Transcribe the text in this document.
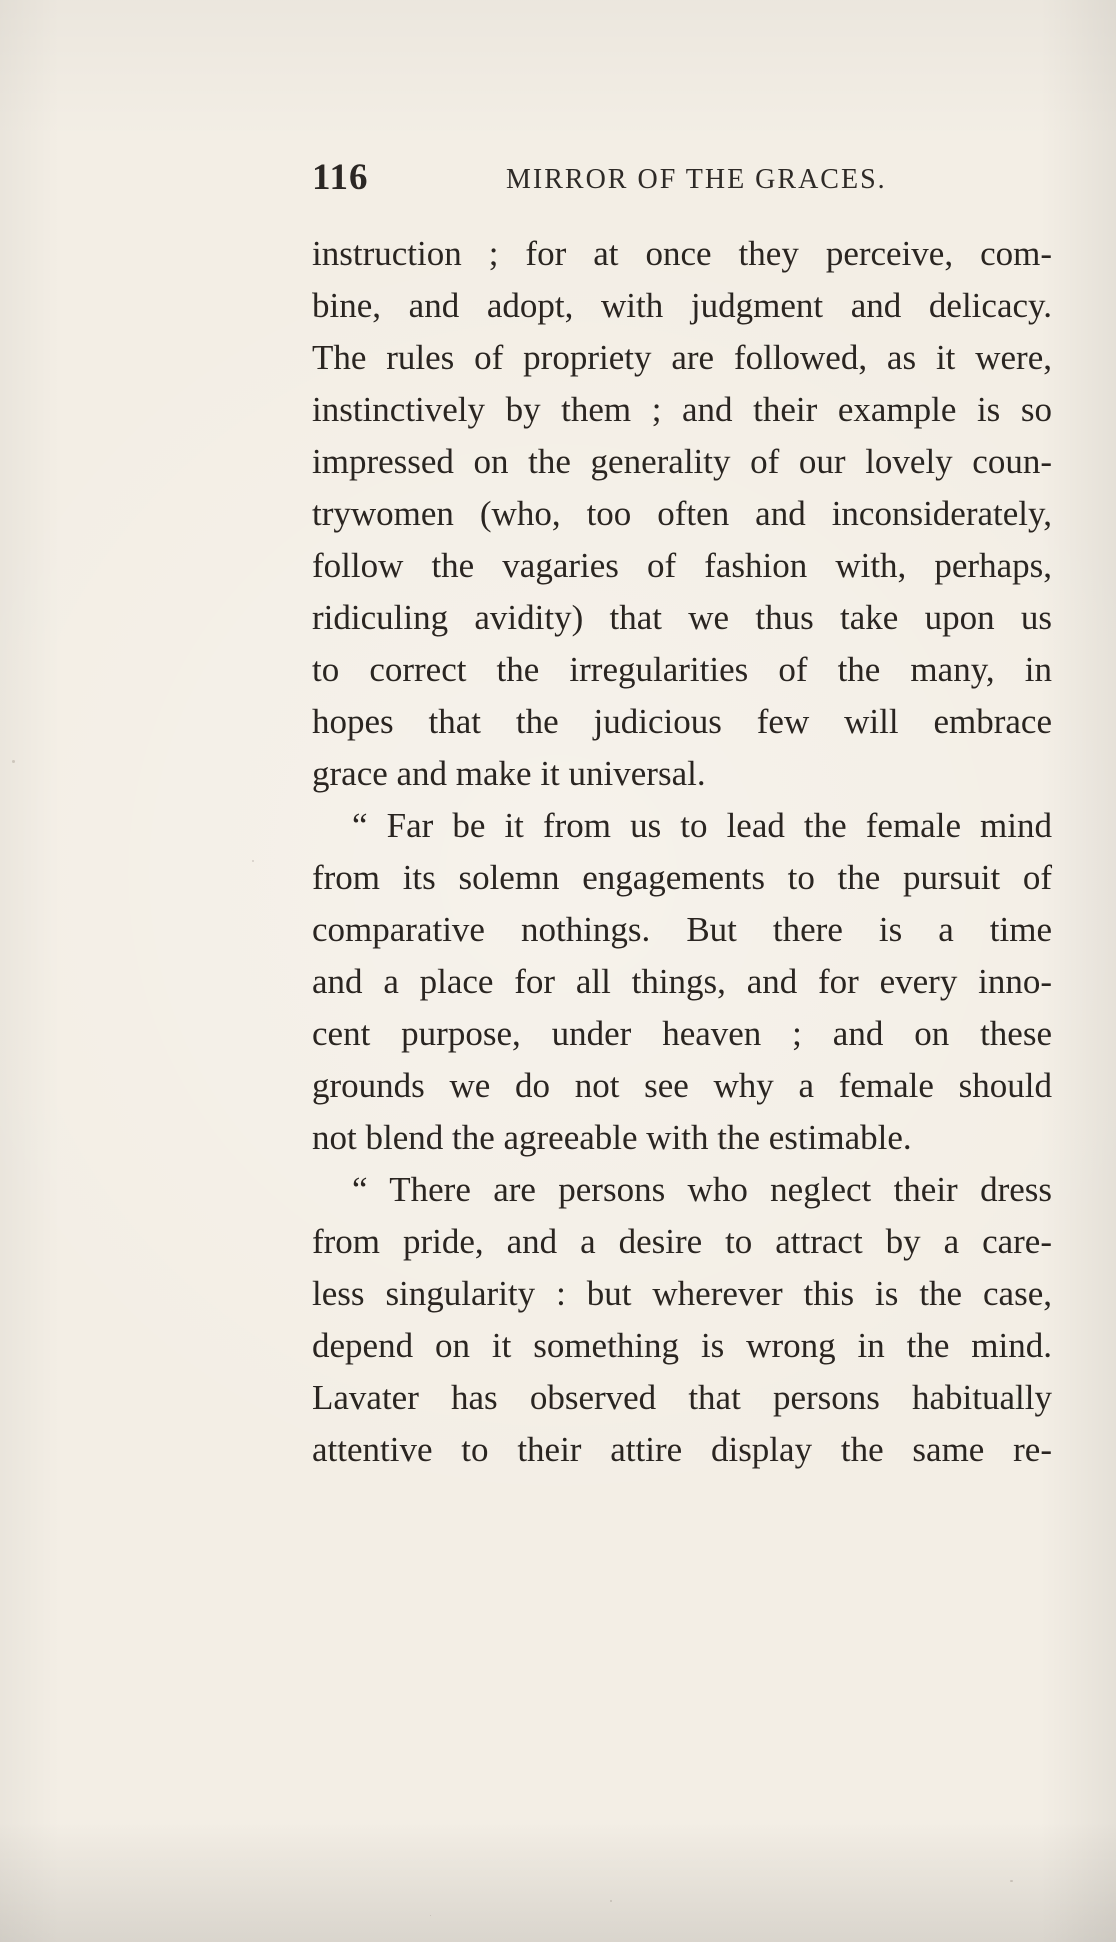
116	MIRROR OF THE GRACES.
instruction ; for at once they perceive, com-
bine, and adopt, with judgment and delicacy.
The rules of propriety are followed, as it were,
instinctively by them ; and their example is so
impressed on the generality of our lovely coun-
trywomen (who, too often and inconsiderately,
follow the vagaries of fashion with, perhaps,
ridiculing avidity) that we thus take upon us
to correct the irregularities of the many, in
hopes that the judicious few will embrace
grace and make it universal.
“ Far be it from us to lead the female mind
from its solemn engagements to the pursuit of
comparative nothings. But there is a time
and a place for all things, and for every inno-
cent purpose, under heaven ; and on these
grounds we do not see why a female should
not blend the agreeable with the estimable.
“ There are persons who neglect their dress
from pride, and a desire to attract by a care-
less singularity : but wherever this is the case,
depend on it something is wrong in the mind.
Lavater has observed that persons habitually
attentive to their attire display the same re-
